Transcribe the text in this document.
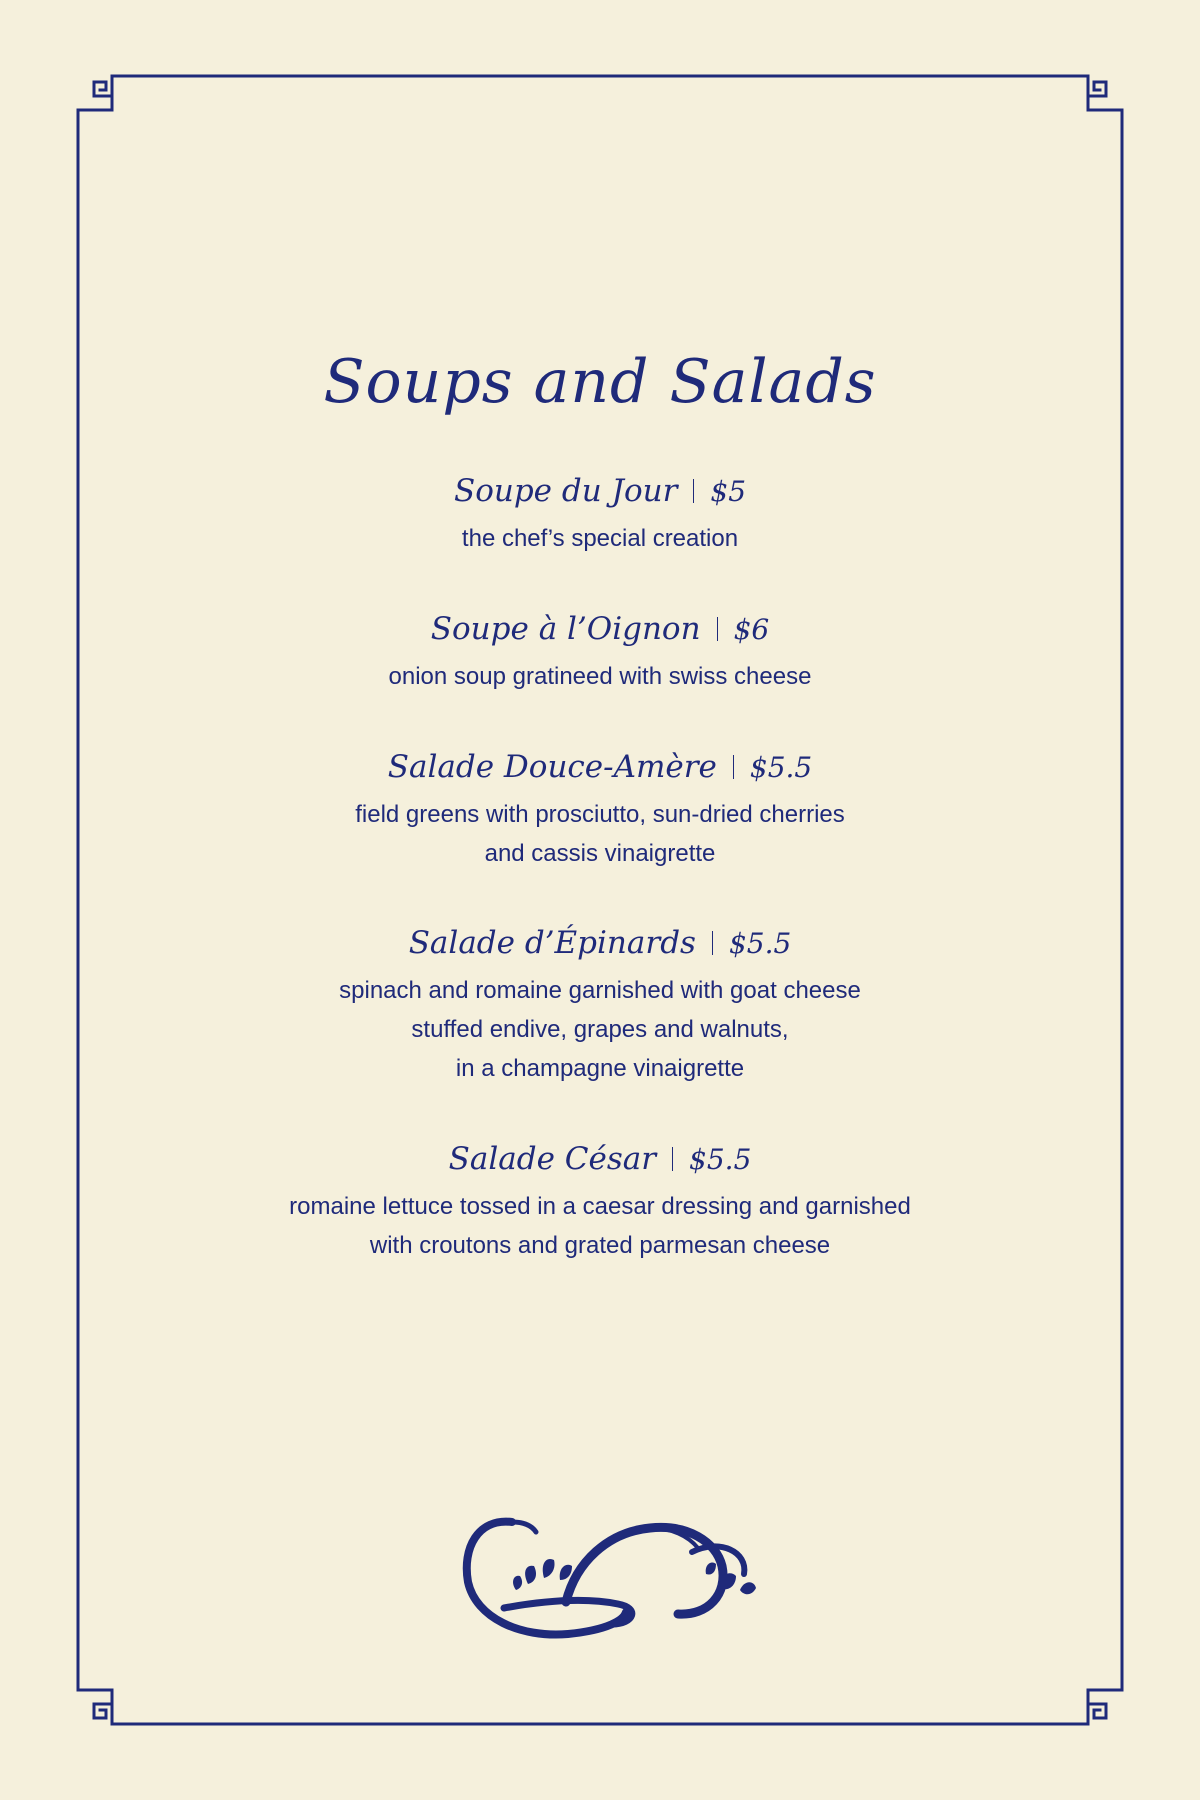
Soups and Salads
Soupe du Jour $5
the chef’s special creation
Soupe à l’Oignon $6
onion soup gratineed with swiss cheese
Salade Douce-Amère $5.5
field greens with prosciutto, sun-dried cherries
and cassis vinaigrette
Salade d’Épinards $5.5
spinach and romaine garnished with goat cheese
stuffed endive, grapes and walnuts,
in a champagne vinaigrette
Salade César $5.5
romaine lettuce tossed in a caesar dressing and garnished
with croutons and grated parmesan cheese
